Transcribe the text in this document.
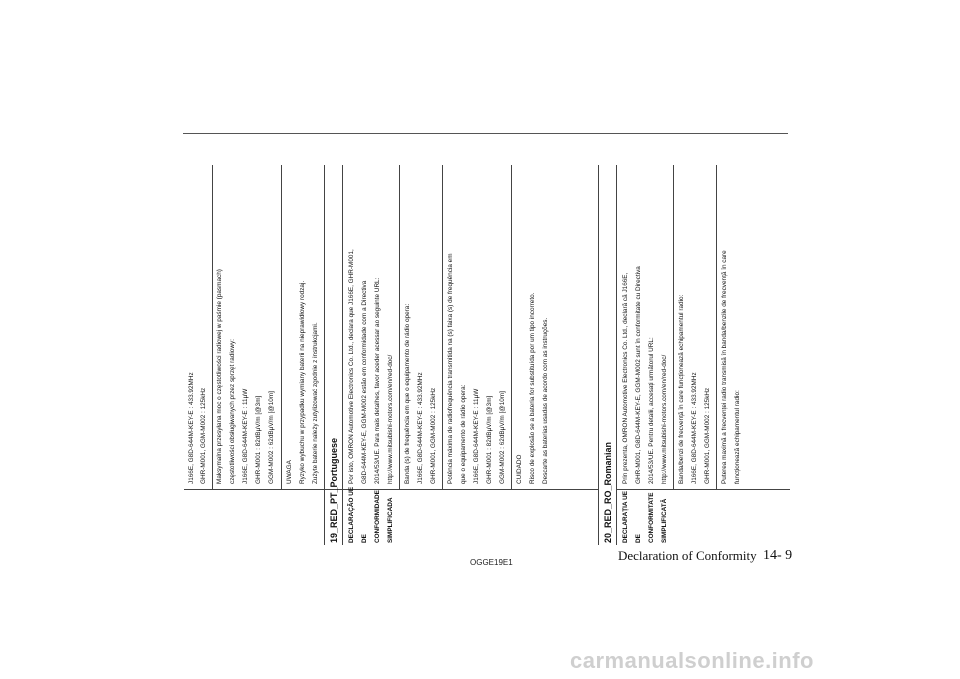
J166E, G8D-644M-KEY-E : 433.92MHz GHR-M001, GGM-M002 : 125kHz Maksymalna przesyłana moc o częstotliwości radiowej w paśmie (pasmach) częstotliwości obsługiwanych przez sprzęt radiowy: J166E, G8D-644M-KEY-E : 11μW GHR-M001 : 82dBμV/m [@3m] GGM-M002 : 62dBμV/m [@10m] UWAGA Ryzyko wybuchu w przypadku wymiany baterii na nieprawidłowy rodzaj. Zużyte baterie należy zutylizować zgodnie z instrukcjami.
19_RED_PT_Portuguese DECLARAÇÃO UE DE CONFORMIDADE SIMPLIFICADA
Por isto, OMRON Automotive Electronics Co. Ltd., declara que J166E, GHR-M001, G8D-644M-KEY-E, GGM-M002 estão em conformidade com a Directiva 2014/53/UE. Para mais detalhes, favor aceder acessar ao seguinte URL: http://www.mitsubishi-motors.com/en/red-doc/ Banda (s) de frequência em que o equipamento de rádio opera: J166E, G8D-644M-KEY-E : 433.92MHz GHR-M001, GGM-M002 : 125kHz Potência máxima de radiofrequência transmitida na (s) faixa (s) de frequência em que o equipamento de rádio opera: J166E, G8D-644M-KEY-E : 11μW GHR-M001 : 82dBμV/m [@3m] GGM-M002 : 62dBμV/m [@10m] CUIDADO Risco de explosão se a bateria for substituída por um tipo incorreto. Descarte as baterias usadas de acordo com as instruções.
20_RED_RO_Romanian DECLARAȚIA UE DE CONFORMITATE SIMPLIFICATĂ
Prin prezenta, OMRON Automotive Electronics Co. Ltd., declară că J166E, GHR-M001, G8D-644M-KEY-E, GGM-M002 sunt în conformitate cu Directiva 2014/53/UE. Pentru detalii, accesați următorul URL: http://www.mitsubishi-motors.com/en/red-doc/ Banda/benzi de frecvență în care funcționează echipamentul radio: J166E, G8D-644M-KEY-E : 433.92MHz GHR-M001, GGM-M002 : 125kHz Puterea maximă a frecvenței radio transmisă în banda/benzile de frecvență în care funcționează echipamentul radio:
OGGE19E1	Declaration of Conformity 14- 9
carmanualsonline.info
